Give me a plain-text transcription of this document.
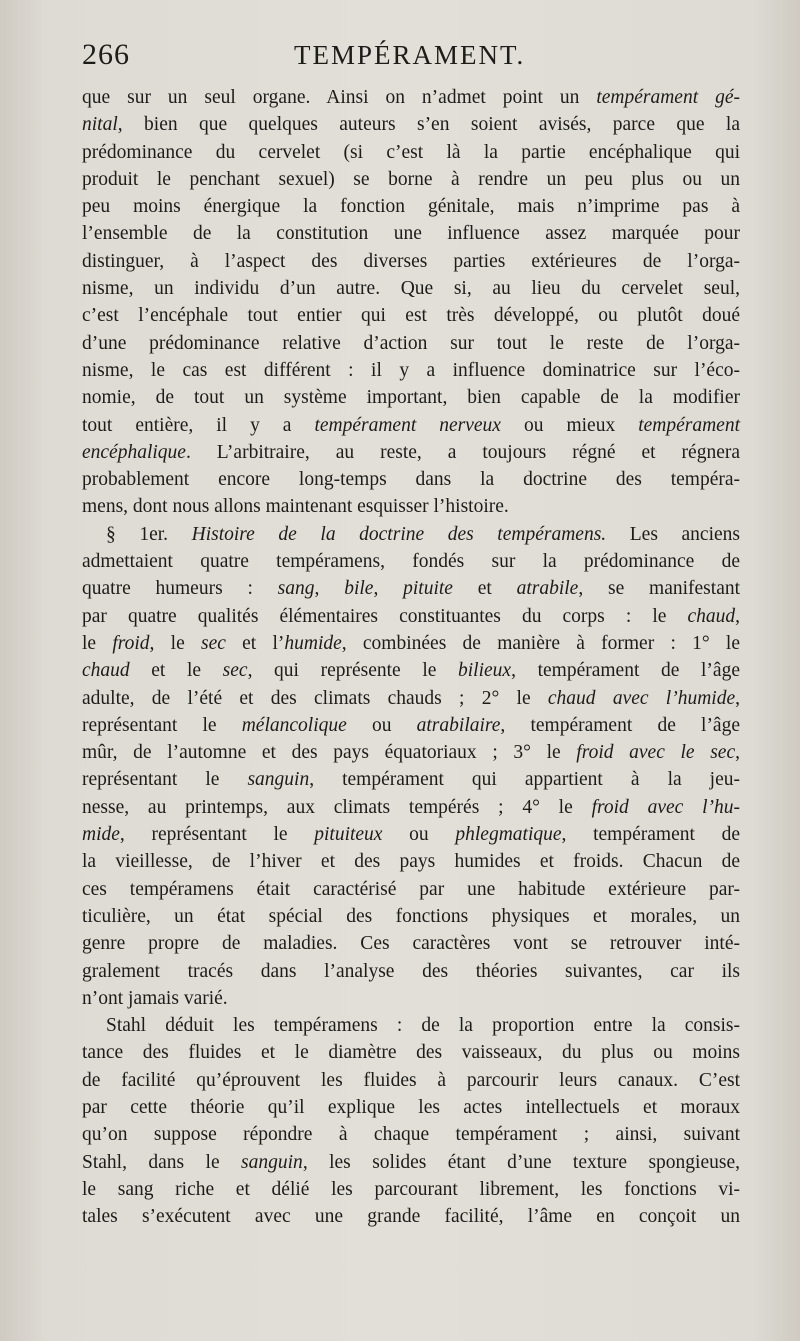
266	TEMPÉRAMENT.
que sur un seul organe. Ainsi on n’admet point un tempérament gé-
nital, bien que quelques auteurs s’en soient avisés, parce que la
prédominance du cervelet (si c’est là la partie encéphalique qui
produit le penchant sexuel) se borne à rendre un peu plus ou un
peu moins énergique la fonction génitale, mais n’imprime pas à
l’ensemble de la constitution une influence assez marquée pour
distinguer, à l’aspect des diverses parties extérieures de l’orga-
nisme, un individu d’un autre. Que si, au lieu du cervelet seul,
c’est l’encéphale tout entier qui est très développé, ou plutôt doué
d’une prédominance relative d’action sur tout le reste de l’orga-
nisme, le cas est différent : il y a influence dominatrice sur l’éco-
nomie, de tout un système important, bien capable de la modifier
tout entière, il y a tempérament nerveux ou mieux tempérament
encéphalique. L’arbitraire, au reste, a toujours régné et régnera
probablement encore long-temps dans la doctrine des tempéra-
mens, dont nous allons maintenant esquisser l’histoire.
§ 1er. Histoire de la doctrine des tempéramens. Les anciens
admettaient quatre tempéramens, fondés sur la prédominance de
quatre humeurs : sang, bile, pituite et atrabile, se manifestant
par quatre qualités élémentaires constituantes du corps : le chaud,
le froid, le sec et l’humide, combinées de manière à former : 1° le
chaud et le sec, qui représente le bilieux, tempérament de l’âge
adulte, de l’été et des climats chauds ; 2° le chaud avec l’humide,
représentant le mélancolique ou atrabilaire, tempérament de l’âge
mûr, de l’automne et des pays équatoriaux ; 3° le froid avec le sec,
représentant le sanguin, tempérament qui appartient à la jeu-
nesse, au printemps, aux climats tempérés ; 4° le froid avec l’hu-
mide, représentant le pituiteux ou phlegmatique, tempérament de
la vieillesse, de l’hiver et des pays humides et froids. Chacun de
ces tempéramens était caractérisé par une habitude extérieure par-
ticulière, un état spécial des fonctions physiques et morales, un
genre propre de maladies. Ces caractères vont se retrouver inté-
gralement tracés dans l’analyse des théories suivantes, car ils
n’ont jamais varié.
Stahl déduit les tempéramens : de la proportion entre la consis-
tance des fluides et le diamètre des vaisseaux, du plus ou moins
de facilité qu’éprouvent les fluides à parcourir leurs canaux. C’est
par cette théorie qu’il explique les actes intellectuels et moraux
qu’on suppose répondre à chaque tempérament ; ainsi, suivant
Stahl, dans le sanguin, les solides étant d’une texture spongieuse,
le sang riche et délié les parcourant librement, les fonctions vi-
tales s’exécutent avec une grande facilité, l’âme en conçoit un
